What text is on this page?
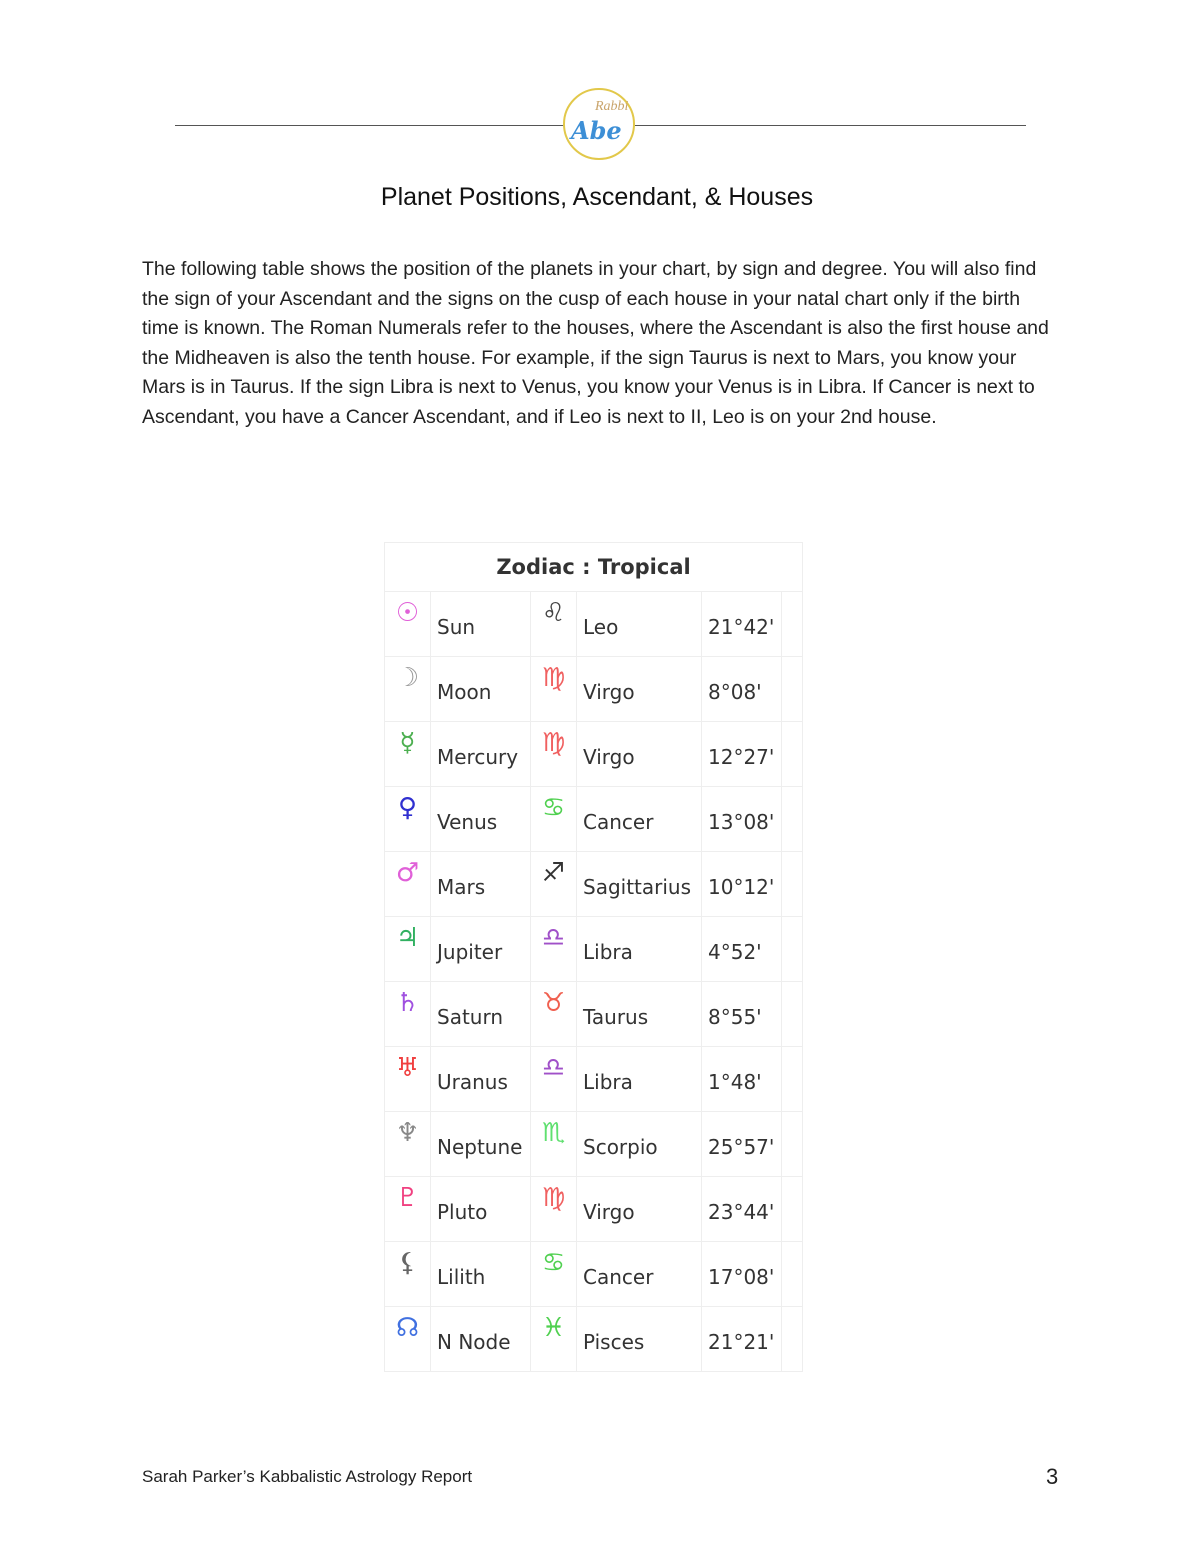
Rabbi
Abe
Planet Positions, Ascendant, & Houses

The following table shows the position of the planets in your chart, by sign and degree. You will also find the sign of your Ascendant and the signs on the cusp of each house in your natal chart only if the birth time is known. The Roman Numerals refer to the houses, where the Ascendant is also the first house and the Midheaven is also the tenth house. For example, if the sign Taurus is next to Mars, you know your Mars is in Taurus. If the sign Libra is next to Venus, you know your Venus is in Libra. If Cancer is next to Ascendant, you have a Cancer Ascendant, and if Leo is next to II, Leo is on your 2nd house.

Zodiac : Tropical					
☉︎	Sun	♌︎	Leo	21°42'	
☽︎	Moon	♍︎	Virgo	8°08'	
☿︎	Mercury	♍︎	Virgo	12°27'	
♀︎	Venus	♋︎	Cancer	13°08'	
♂︎	Mars	♐︎	Sagittarius	10°12'	
♃︎	Jupiter	♎︎	Libra	4°52'	
♄︎	Saturn	♉︎	Taurus	8°55'	
♅︎	Uranus	♎︎	Libra	1°48'	
♆︎	Neptune	♏︎	Scorpio	25°57'	
♇︎	Pluto	♍︎	Virgo	23°44'	
⚸︎	Lilith	♋︎	Cancer	17°08'	
☊︎	N Node	♓︎	Pisces	21°21'	
Sarah Parker’s Kabbalistic Astrology Report	3
